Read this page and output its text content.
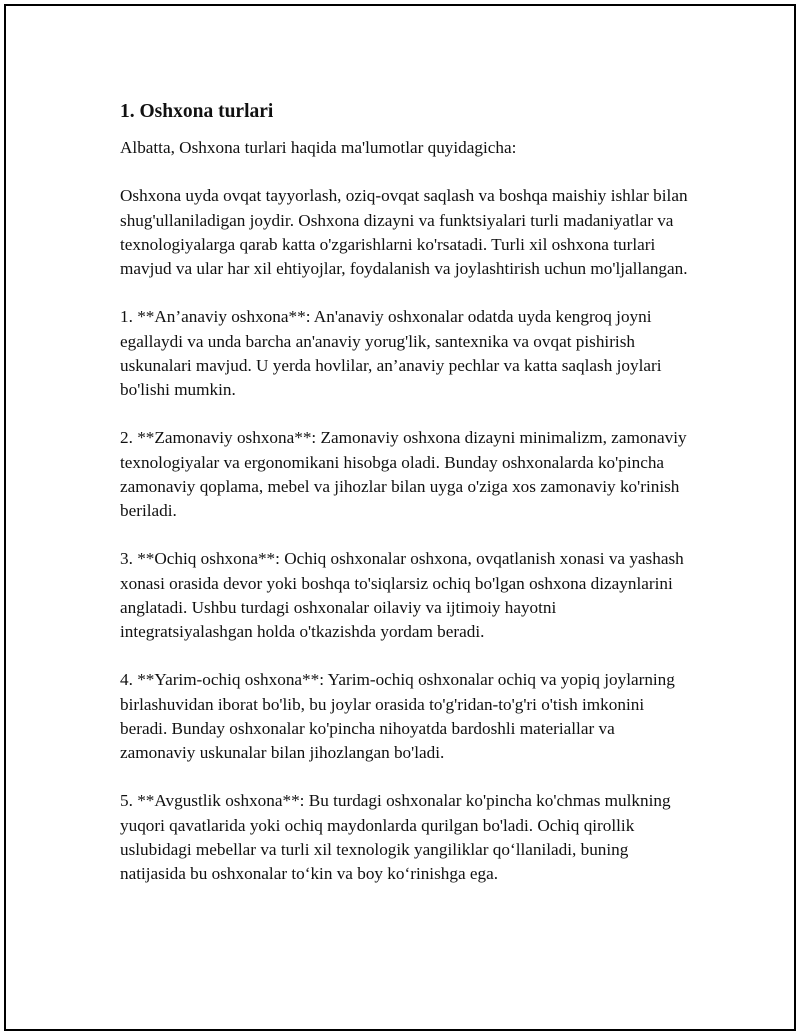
1. Oshxona turlari

Albatta, Oshxona turlari haqida ma'lumotlar quyidagicha:

Oshxona uyda ovqat tayyorlash, oziq-ovqat saqlash va boshqa maishiy ishlar bilan shug'ullaniladigan joydir. Oshxona dizayni va funktsiyalari turli madaniyatlar va texnologiyalarga qarab katta o'zgarishlarni ko'rsatadi. Turli xil oshxona turlari mavjud va ular har xil ehtiyojlar, foydalanish va joylashtirish uchun mo'ljallangan.

1. **An’anaviy oshxona**: An'anaviy oshxonalar odatda uyda kengroq joyni egallaydi va unda barcha an'anaviy yorug'lik, santexnika va ovqat pishirish uskunalari mavjud. U yerda hovlilar, an’anaviy pechlar va katta saqlash joylari bo'lishi mumkin.

2. **Zamonaviy oshxona**: Zamonaviy oshxona dizayni minimalizm, zamonaviy texnologiyalar va ergonomikani hisobga oladi. Bunday oshxonalarda ko'pincha zamonaviy qoplama, mebel va jihozlar bilan uyga o'ziga xos zamonaviy ko'rinish beriladi.

3. **Ochiq oshxona**: Ochiq oshxonalar oshxona, ovqatlanish xonasi va yashash xonasi orasida devor yoki boshqa to'siqlarsiz ochiq bo'lgan oshxona dizaynlarini anglatadi. Ushbu turdagi oshxonalar oilaviy va ijtimoiy hayotni integratsiyalashgan holda o'tkazishda yordam beradi.

4. **Yarim-ochiq oshxona**: Yarim-ochiq oshxonalar ochiq va yopiq joylarning birlashuvidan iborat bo'lib, bu joylar orasida to'g'ridan-to'g'ri o'tish imkonini beradi. Bunday oshxonalar ko'pincha nihoyatda bardoshli materiallar va zamonaviy uskunalar bilan jihozlangan bo'ladi.

5. **Avgustlik oshxona**: Bu turdagi oshxonalar ko'pincha ko'chmas mulkning yuqori qavatlarida yoki ochiq maydonlarda qurilgan bo'ladi. Ochiq qirollik uslubidagi mebellar va turli xil texnologik yangiliklar qo‘llaniladi, buning natijasida bu oshxonalar to‘kin va boy ko‘rinishga ega.
